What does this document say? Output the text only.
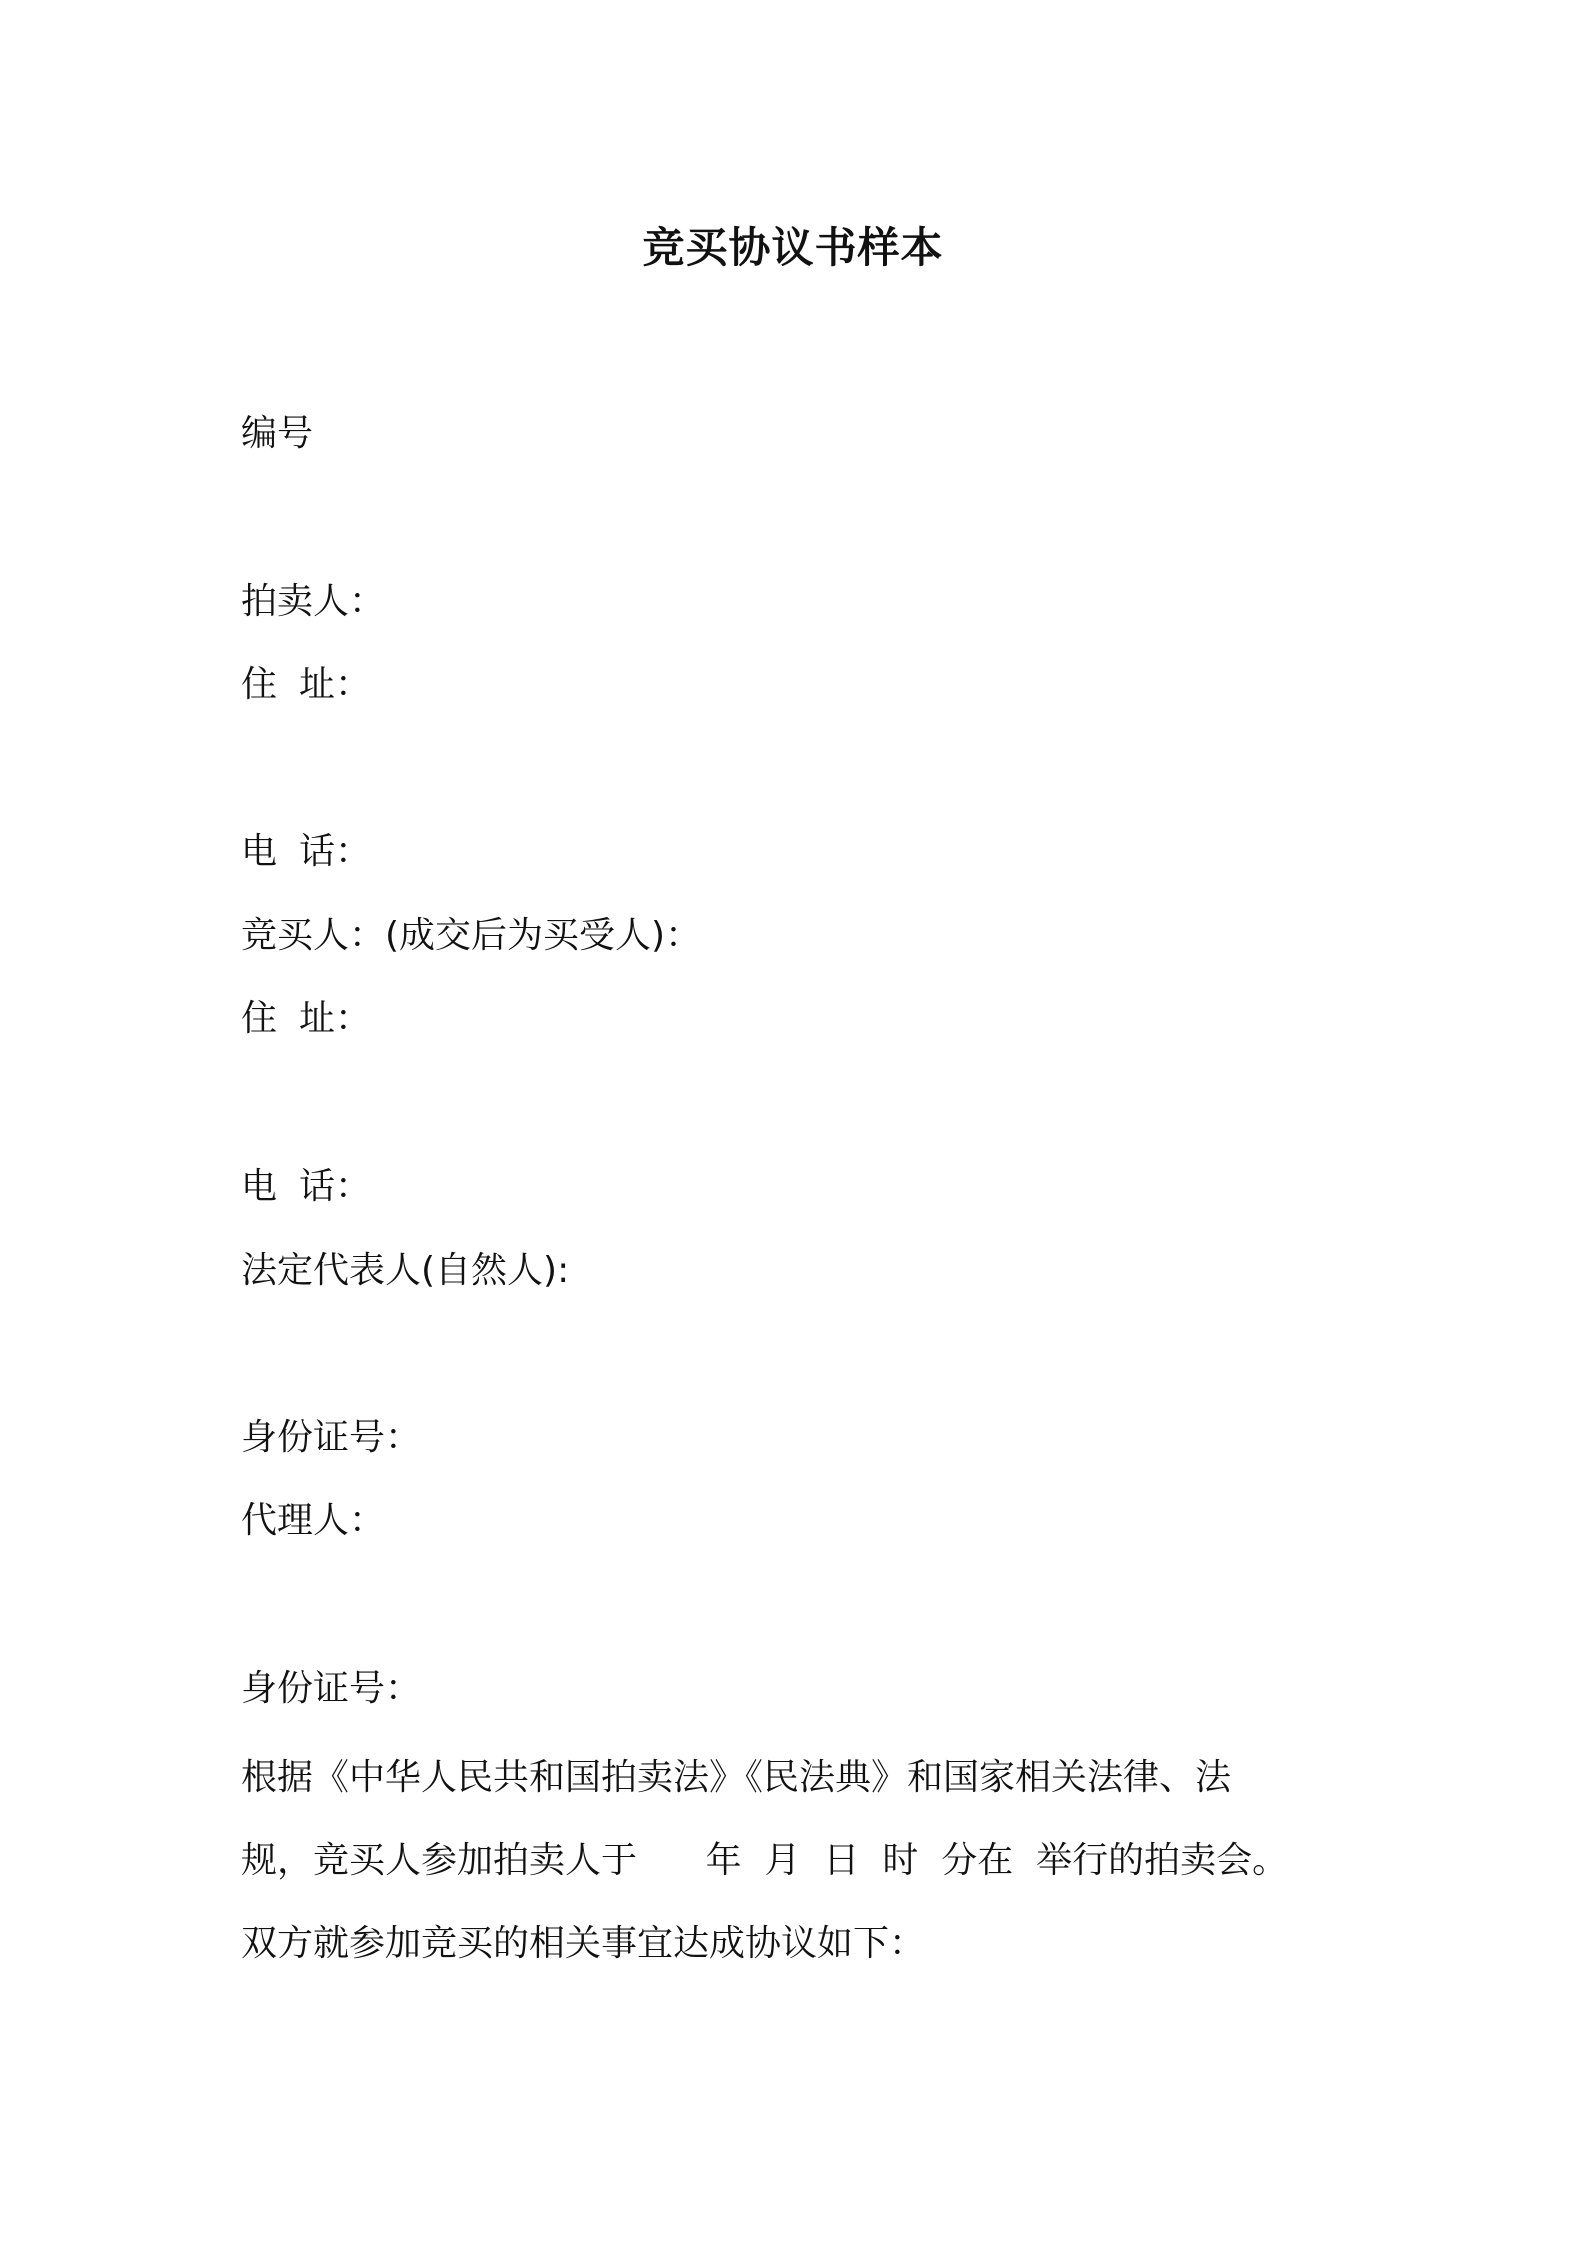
竞买协议书样本
编号
拍卖人：
住 址：
电 话：
竞买人：(成交后为买受人)：
住 址：
电 话：
法定代表人(自然人):
身份证号：
代理人：
身份证号：
根据《中华人民共和国拍卖法》《民法典》和国家相关法律、法
规，竞买人参加拍卖人于      年  月  日  时  分在  举行的拍卖会。
双方就参加竞买的相关事宜达成协议如下：
